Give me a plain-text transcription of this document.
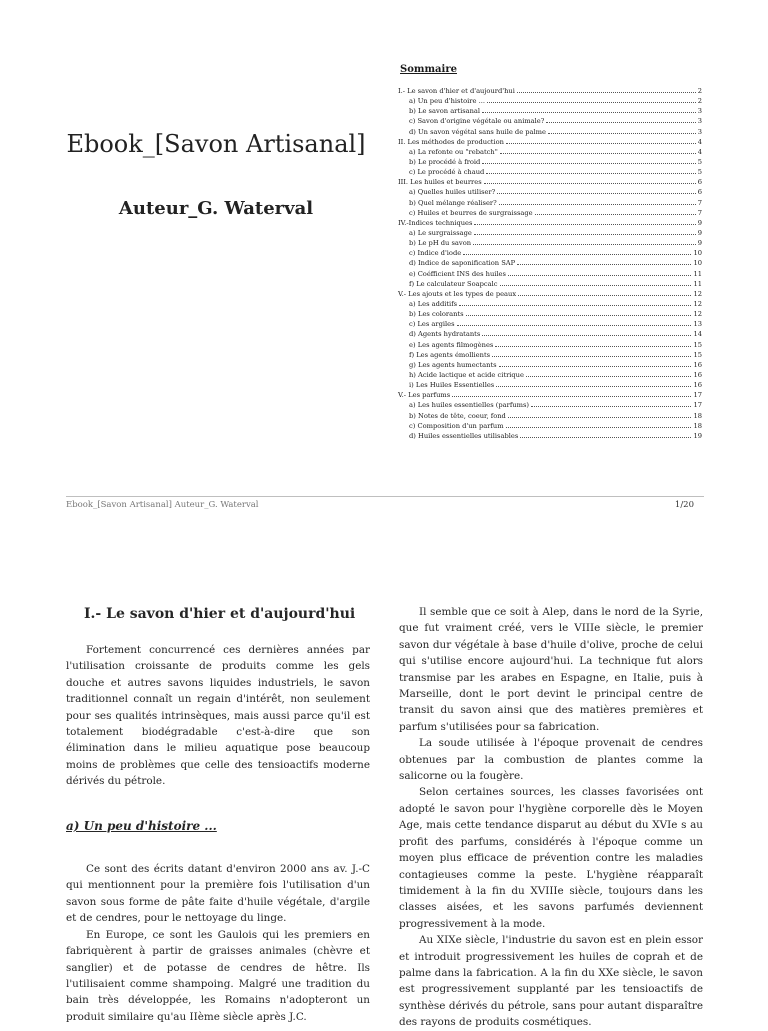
Ebook_[Savon Artisanal]
Auteur_G. Waterval
Sommaire
I.- Le savon d'hier et d'aujourd'hui	2
a) Un peu d'histoire ...	2
b) Le savon artisanal	3
c) Savon d'origine végétale ou animale?	3
d) Un savon végétal sans huile de palme	3
II. Les méthodes de production	4
a) La refonte ou "rebatch"	4
b) Le procédé à froid	5
c) Le procédé à chaud	5
III. Les huiles et beurres	6
a) Quelles huiles utiliser?	6
b) Quel mélange réaliser?	7
c) Huiles et beurres de surgraissage	7
IV.-Indices techniques	9
a) Le surgraissage	9
b) Le pH du savon	9
c) Indice d'iode	10
d) Indice de saponification SAP	10
e) Coéfficient INS des huiles	11
f) Le calculateur Soapcalc	11
V.- Les ajouts et les types de peaux	12
a) Les additifs	12
b) Les colorants	12
c) Les argiles	13
d) Agents hydratants	14
e) Les agents filmogènes	15
f) Les agents émollients	15
g) Les agents humectants	16
h) Acide lactique et acide citrique	16
i) Les Huiles Essentielles	16
V.- Les parfums	17
a) Les huiles essentielles (parfums)	17
b) Notes de tête, coeur, fond	18
c) Composition d'un parfum	18
d) Huiles essentielles utilisables	19
Ebook_[Savon Artisanal] Auteur_G. Waterval	1/20
I.- Le savon d'hier et d'aujourd'hui

Fortement concurrencé ces dernières années par l'utilisation croissante de produits comme les gels douche et autres savons liquides industriels, le savon traditionnel connaît un regain d'intérêt, non seulement pour ses qualités intrinsèques, mais aussi parce qu'il est totalement biodégradable c'est-à-dire que son élimination dans le milieu aquatique pose beaucoup moins de problèmes que celle des tensioactifs moderne dérivés du pétrole.

a) Un peu d'histoire ...

Ce sont des écrits datant d'environ 2000 ans av. J.-C qui mentionnent pour la première fois l'utilisation d'un savon sous forme de pâte faite d'huile végétale, d'argile et de cendres, pour le nettoyage du linge.

En Europe, ce sont les Gaulois qui les premiers en fabriquèrent à partir de graisses animales (chèvre et sanglier) et de potasse de cendres de hêtre. Ils l'utilisaient comme shampoing. Malgré une tradition du bain très développée, les Romains n'adopteront un produit similaire qu'au IIème siècle après J.C.

Il semble que ce soit à Alep, dans le nord de la Syrie, que fut vraiment créé, vers le VIIIe siècle, le premier savon dur végétale à base d'huile d'olive, proche de celui qui s'utilise encore aujourd'hui. La technique fut alors transmise par les arabes en Espagne, en Italie, puis à Marseille, dont le port devint le principal centre de transit du savon ainsi que des matières premières et parfum s'utilisées pour sa fabrication.

La soude utilisée à l'époque provenait de cendres obtenues par la combustion de plantes comme la salicorne ou la fougère.

Selon certaines sources, les classes favorisées ont adopté le savon pour l'hygiène corporelle dès le Moyen Age, mais cette tendance disparut au début du XVIe s au profit des parfums, considérés à l'époque comme un moyen plus efficace de prévention contre les maladies contagieuses comme la peste. L'hygiène réapparaît timidement à la fin du XVIIIe siècle, toujours dans les classes aisées, et les savons parfumés deviennent progressivement à la mode.

Au XIXe siècle, l'industrie du savon est en plein essor et introduit progressivement les huiles de coprah et de palme dans la fabrication. A la fin du XXe siècle, le savon est progressivement supplanté par les tensioactifs de synthèse dérivés du pétrole, sans pour autant disparaître des rayons de produits cosmétiques.
